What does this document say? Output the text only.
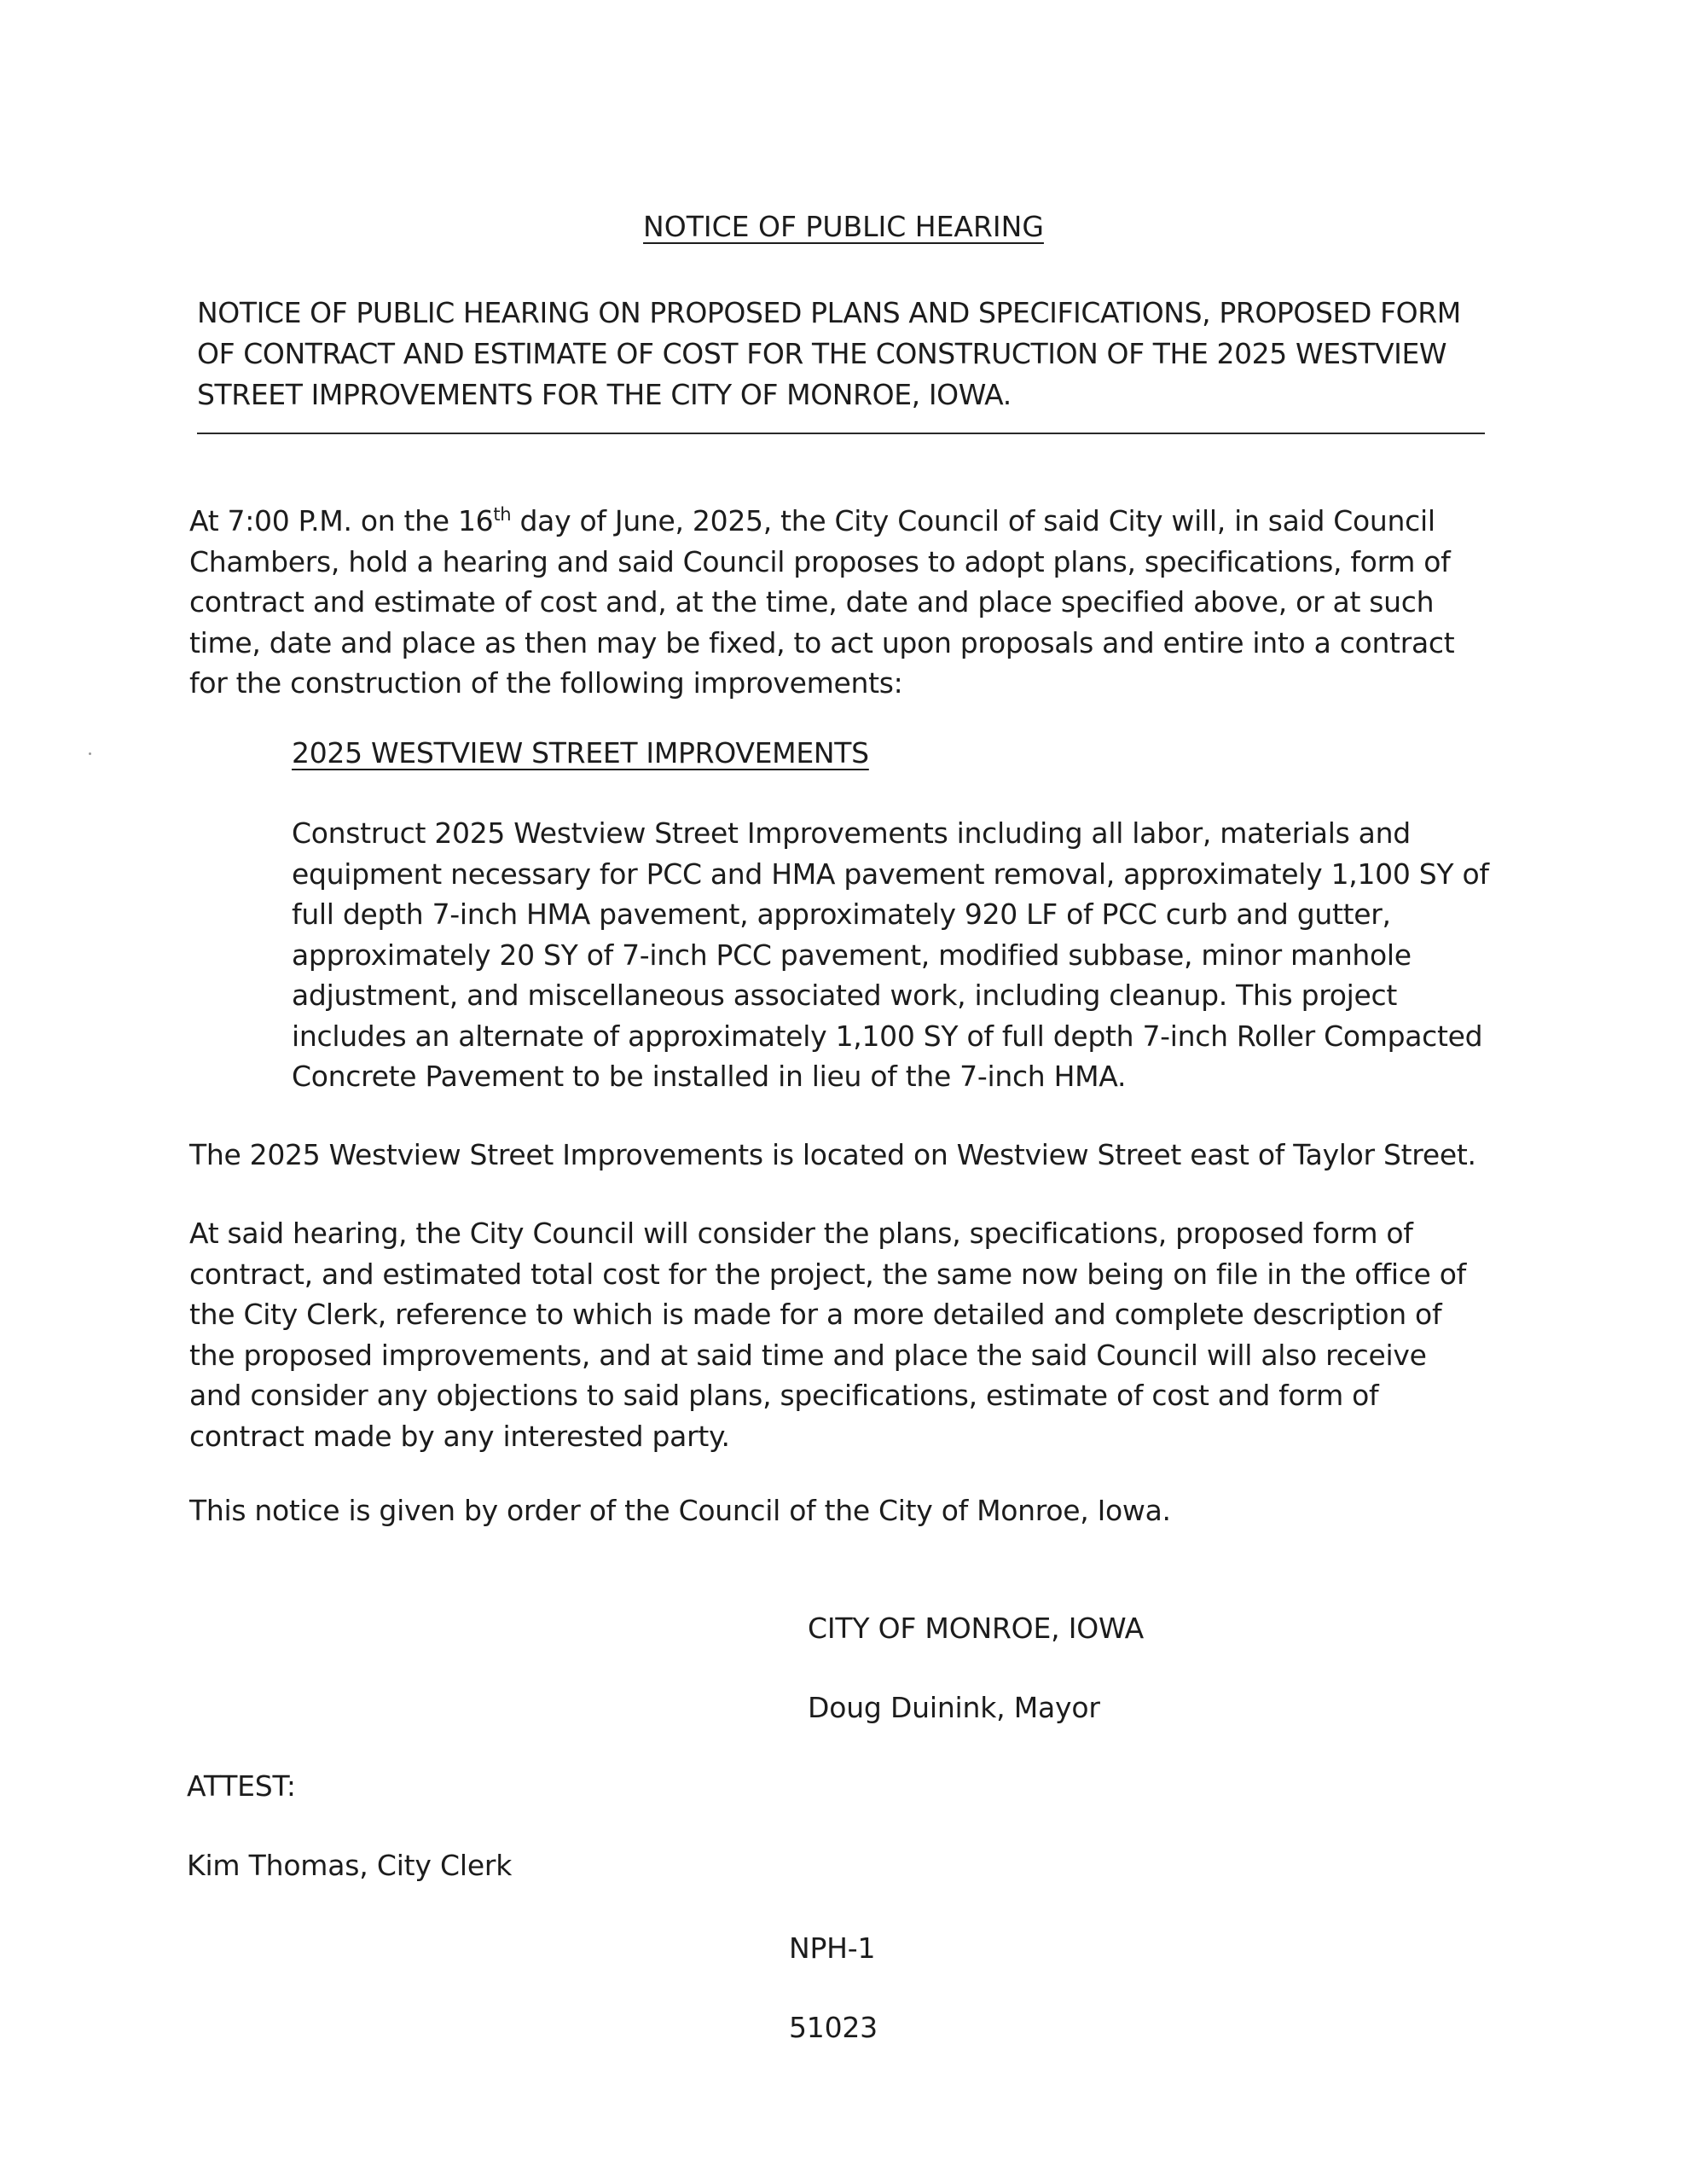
NOTICE OF PUBLIC HEARING

NOTICE OF PUBLIC HEARING ON PROPOSED PLANS AND SPECIFICATIONS, PROPOSED FORM OF CONTRACT AND ESTIMATE OF COST FOR THE CONSTRUCTION OF THE 2025 WESTVIEW STREET IMPROVEMENTS FOR THE CITY OF MONROE, IOWA.

At 7:00 P.M. on the 16th day of June, 2025, the City Council of said City will, in said Council Chambers, hold a hearing and said Council proposes to adopt plans, specifications, form of contract and estimate of cost and, at the time, date and place specified above, or at such time, date and place as then may be fixed, to act upon proposals and entire into a contract for the construction of the following improvements:

2025 WESTVIEW STREET IMPROVEMENTS

Construct 2025 Westview Street Improvements including all labor, materials and equipment necessary for PCC and HMA pavement removal, approximately 1,100 SY of full depth 7-inch HMA pavement, approximately 920 LF of PCC curb and gutter, approximately 20 SY of 7-inch PCC pavement, modified subbase, minor manhole adjustment, and miscellaneous associated work, including cleanup. This project includes an alternate of approximately 1,100 SY of full depth 7-inch Roller Compacted Concrete Pavement to be installed in lieu of the 7-inch HMA.

The 2025 Westview Street Improvements is located on Westview Street east of Taylor Street.

At said hearing, the City Council will consider the plans, specifications, proposed form of contract, and estimated total cost for the project, the same now being on file in the office of the City Clerk, reference to which is made for a more detailed and complete description of the proposed improvements, and at said time and place the said Council will also receive and consider any objections to said plans, specifications, estimate of cost and form of contract made by any interested party.

This notice is given by order of the Council of the City of Monroe, Iowa.

CITY OF MONROE, IOWA

Doug Duinink, Mayor

ATTEST:

Kim Thomas, City Clerk

NPH-1

51023
